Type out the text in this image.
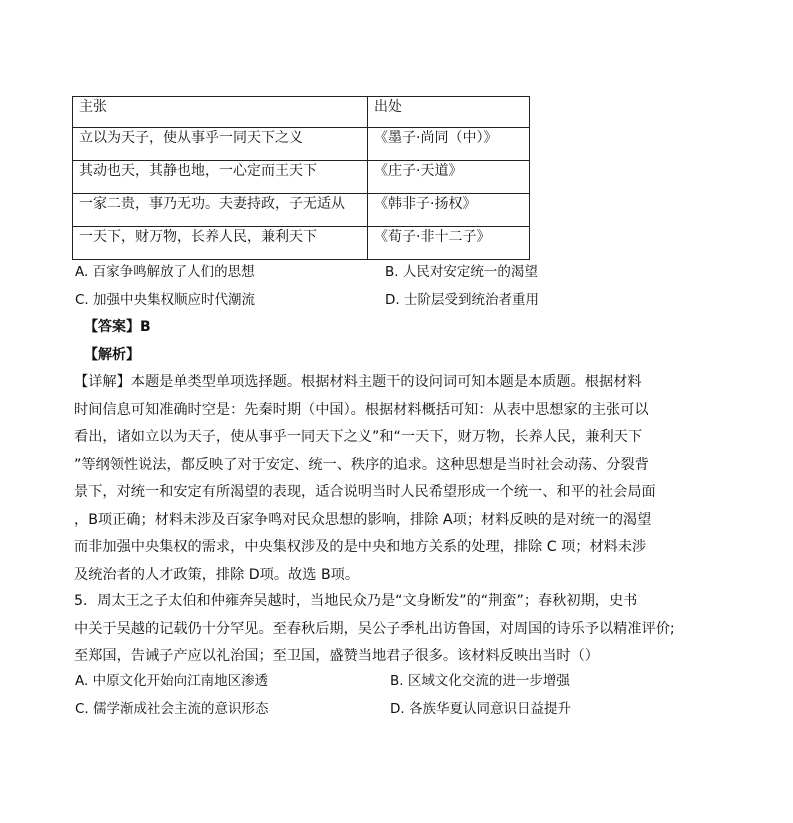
主张	出处
立以为天子，使从事乎一同天下之义	《墨子·尚同（中）》
其动也天，其静也地，一心定而王天下	《庄子·天道》
一家二贵，事乃无功。夫妻持政，子无适从	《韩非子·扬权》
一天下，财万物，长养人民，兼利天下	《荀子·非十二子》
A. 百家争鸣解放了人们的思想	B. 人民对安定统一的渴望
C. 加强中央集权顺应时代潮流	D. 士阶层受到统治者重用
【答案】B
【解析】
【详解】本题是单类型单项选择题。根据材料主题干的设问词可知本题是本质题。根据材料
时间信息可知准确时空是：先秦时期（中国）。根据材料概括可知：从表中思想家的主张可以
看出，诸如立以为天子，使从事乎一同天下之义”和“一天下，财万物，长养人民，兼利天下
”等纲领性说法，都反映了对于安定、统一、秩序的追求。这种思想是当时社会动荡、分裂背
景下，对统一和安定有所渴望的表现，适合说明当时人民希望形成一个统一、和平的社会局面
，B项正确；材料未涉及百家争鸣对民众思想的影响，排除 A项；材料反映的是对统一的渴望
而非加强中央集权的需求，中央集权涉及的是中央和地方关系的处理，排除 C 项；材料未涉
及统治者的人才政策，排除 D项。故选 B项。
5．周太王之子太伯和仲雍奔吴越时，当地民众乃是“文身断发”的“荆蛮”；春秋初期，史书
中关于吴越的记载仍十分罕见。至春秋后期，吴公子季札出访鲁国，对周国的诗乐予以精准评价;
至郑国，告诫子产应以礼治国；至卫国，盛赞当地君子很多。该材料反映出当时（）
A. 中原文化开始向江南地区渗透	B. 区域文化交流的进一步增强
C. 儒学渐成社会主流的意识形态	D. 各族华夏认同意识日益提升
